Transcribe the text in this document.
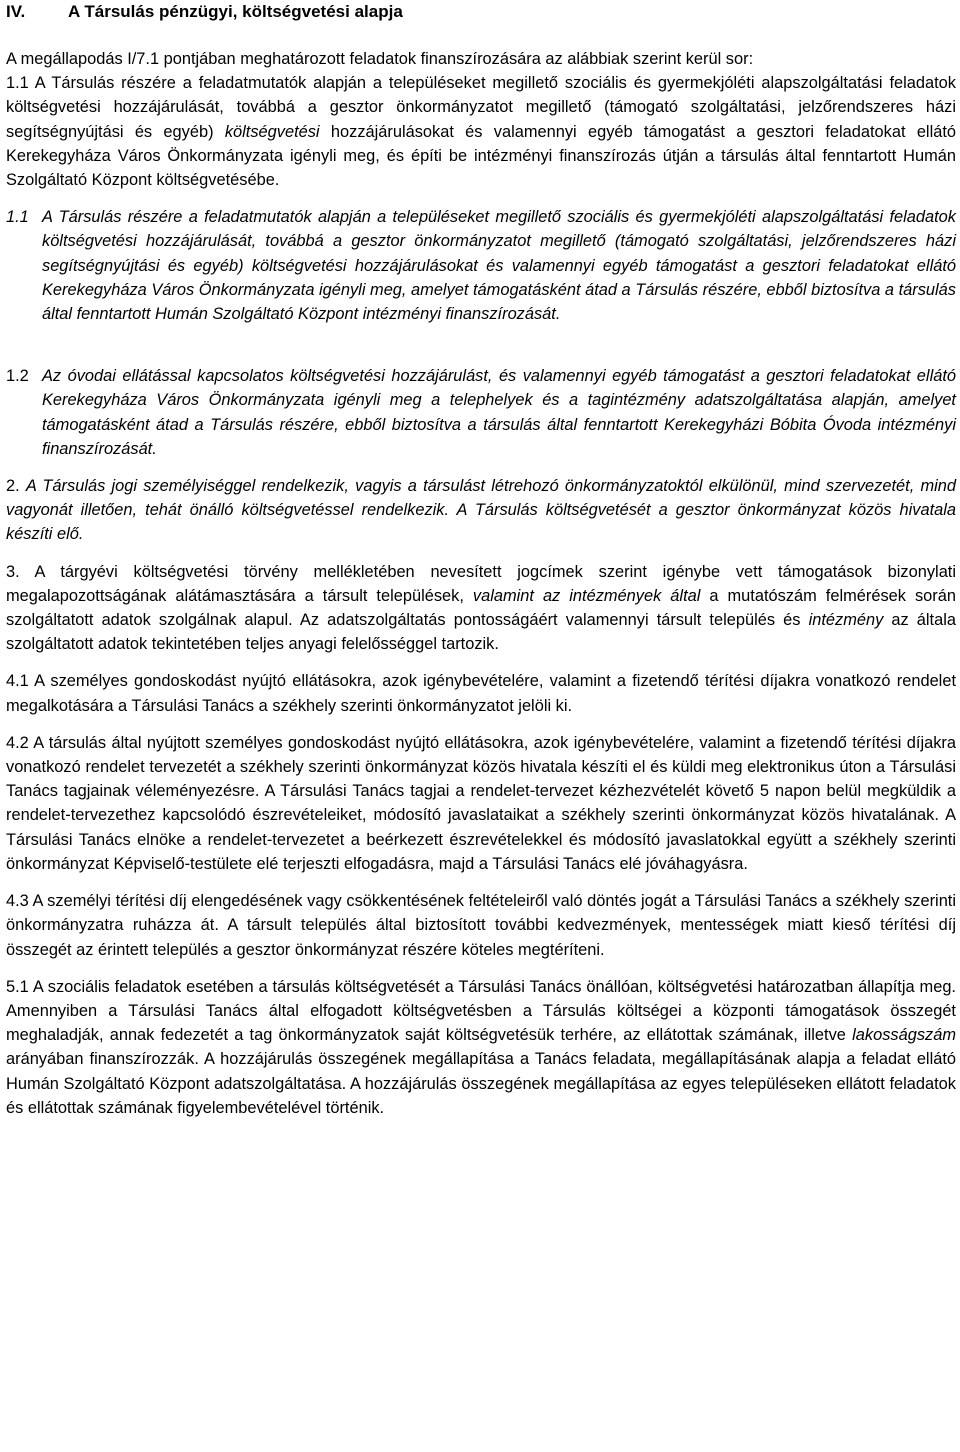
IV.	A Társulás pénzügyi, költségvetési alapja

A megállapodás I/7.1 pontjában meghatározott feladatok finanszírozására az alábbiak szerint kerül sor:

1.1 A Társulás részére a feladatmutatók alapján a településeket megillető szociális és gyermekjóléti alapszolgáltatási feladatok költségvetési hozzájárulását, továbbá a gesztor önkormányzatot megillető (támogató szolgáltatási, jelzőrendszeres házi segítségnyújtási és egyéb) költségvetési hozzájárulásokat és valamennyi egyéb támogatást a gesztori feladatokat ellátó Kerekegyháza Város Önkormányzata igényli meg, és építi be intézményi finanszírozás útján a társulás által fenntartott Humán Szolgáltató Központ költségvetésébe.

1.1 A Társulás részére a feladatmutatók alapján a településeket megillető szociális és gyermekjóléti alapszolgáltatási feladatok költségvetési hozzájárulását, továbbá a gesztor önkormányzatot megillető (támogató szolgáltatási, jelzőrendszeres házi segítségnyújtási és egyéb) költségvetési hozzájárulásokat és valamennyi egyéb támogatást a gesztori feladatokat ellátó Kerekegyháza Város Önkormányzata igényli meg, amelyet támogatásként átad a Társulás részére, ebből biztosítva a társulás által fenntartott Humán Szolgáltató Központ intézményi finanszírozását.

1.2 Az óvodai ellátással kapcsolatos költségvetési hozzájárulást, és valamennyi egyéb támogatást a gesztori feladatokat ellátó Kerekegyháza Város Önkormányzata igényli meg a telephelyek és a tagintézmény adatszolgáltatása alapján, amelyet támogatásként átad a Társulás részére, ebből biztosítva a társulás által fenntartott Kerekegyházi Bóbita Óvoda intézményi finanszírozását.

2. A Társulás jogi személyiséggel rendelkezik, vagyis a társulást létrehozó önkormányzatoktól elkülönül, mind szervezetét, mind vagyonát illetően, tehát önálló költségvetéssel rendelkezik. A Társulás költségvetését a gesztor önkormányzat közös hivatala készíti elő.

3. A tárgyévi költségvetési törvény mellékletében nevesített jogcímek szerint igénybe vett támogatások bizonylati megalapozottságának alátámasztására a társult települések, valamint az intézmények által a mutatószám felmérések során szolgáltatott adatok szolgálnak alapul. Az adatszolgáltatás pontosságáért valamennyi társult település és intézmény az általa szolgáltatott adatok tekintetében teljes anyagi felelősséggel tartozik.

4.1 A személyes gondoskodást nyújtó ellátásokra, azok igénybevételére, valamint a fizetendő térítési díjakra vonatkozó rendelet megalkotására a Társulási Tanács a székhely szerinti önkormányzatot jelöli ki.

4.2 A társulás által nyújtott személyes gondoskodást nyújtó ellátásokra, azok igénybevételére, valamint a fizetendő térítési díjakra vonatkozó rendelet tervezetét a székhely szerinti önkormányzat közös hivatala készíti el és küldi meg elektronikus úton a Társulási Tanács tagjainak véleményezésre. A Társulási Tanács tagjai a rendelet-tervezet kézhezvételét követő 5 napon belül megküldik a rendelet-tervezethez kapcsolódó észrevételeiket, módosító javaslataikat a székhely szerinti önkormányzat közös hivatalának. A Társulási Tanács elnöke a rendelet-tervezetet a beérkezett észrevételekkel és módosító javaslatokkal együtt a székhely szerinti önkormányzat Képviselő-testülete elé terjeszti elfogadásra, majd a Társulási Tanács elé jóváhagyásra.

4.3 A személyi térítési díj elengedésének vagy csökkentésének feltételeiről való döntés jogát a Társulási Tanács a székhely szerinti önkormányzatra ruházza át. A társult település által biztosított további kedvezmények, mentességek miatt kieső térítési díj összegét az érintett település a gesztor önkormányzat részére köteles megtéríteni.

5.1 A szociális feladatok esetében a társulás költségvetését a Társulási Tanács önállóan, költségvetési határozatban állapítja meg. Amennyiben a Társulási Tanács által elfogadott költségvetésben a Társulás költségei a központi támogatások összegét meghaladják, annak fedezetét a tag önkormányzatok saját költségvetésük terhére, az ellátottak számának, illetve lakosságszám arányában finanszírozzák. A hozzájárulás összegének megállapítása a Tanács feladata, megállapításának alapja a feladat ellátó Humán Szolgáltató Központ adatszolgáltatása. A hozzájárulás összegének megállapítása az egyes településeken ellátott feladatok és ellátottak számának figyelembevételével történik.
